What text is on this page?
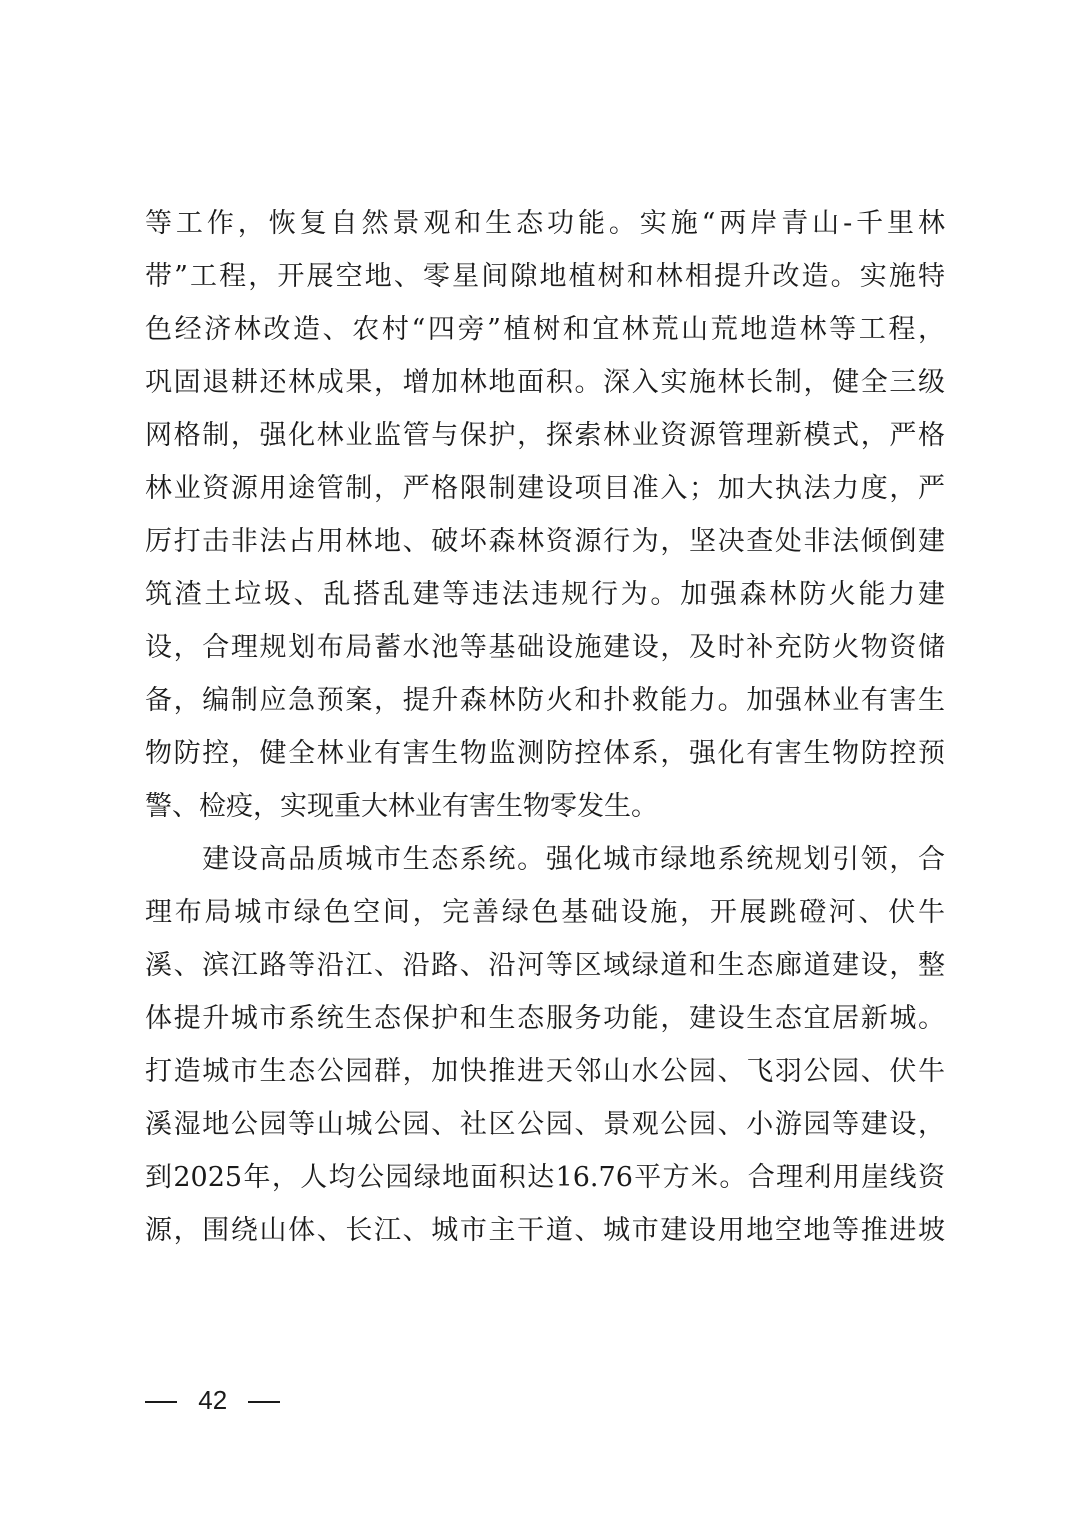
等工作，恢复自然景观和生态功能。实施“两岸青山-千里林
带”工程，开展空地、零星间隙地植树和林相提升改造。实施特
色经济林改造、农村“四旁”植树和宜林荒山荒地造林等工程，
巩固退耕还林成果，增加林地面积。深入实施林长制，健全三级
网格制，强化林业监管与保护，探索林业资源管理新模式，严格
林业资源用途管制，严格限制建设项目准入；加大执法力度，严
厉打击非法占用林地、破坏森林资源行为，坚决查处非法倾倒建
筑渣土垃圾、乱搭乱建等违法违规行为。加强森林防火能力建
设，合理规划布局蓄水池等基础设施建设，及时补充防火物资储
备，编制应急预案，提升森林防火和扑救能力。加强林业有害生
物防控，健全林业有害生物监测防控体系，强化有害生物防控预
警、检疫，实现重大林业有害生物零发生。
　　建设高品质城市生态系统。强化城市绿地系统规划引领，合
理布局城市绿色空间，完善绿色基础设施，开展跳磴河、伏牛
溪、滨江路等沿江、沿路、沿河等区域绿道和生态廊道建设，整
体提升城市系统生态保护和生态服务功能，建设生态宜居新城。
打造城市生态公园群，加快推进天邻山水公园、飞羽公园、伏牛
溪湿地公园等山城公园、社区公园、景观公园、小游园等建设，
到2025年，人均公园绿地面积达16.76平方米。合理利用崖线资
源，围绕山体、长江、城市主干道、城市建设用地空地等推进坡
42
